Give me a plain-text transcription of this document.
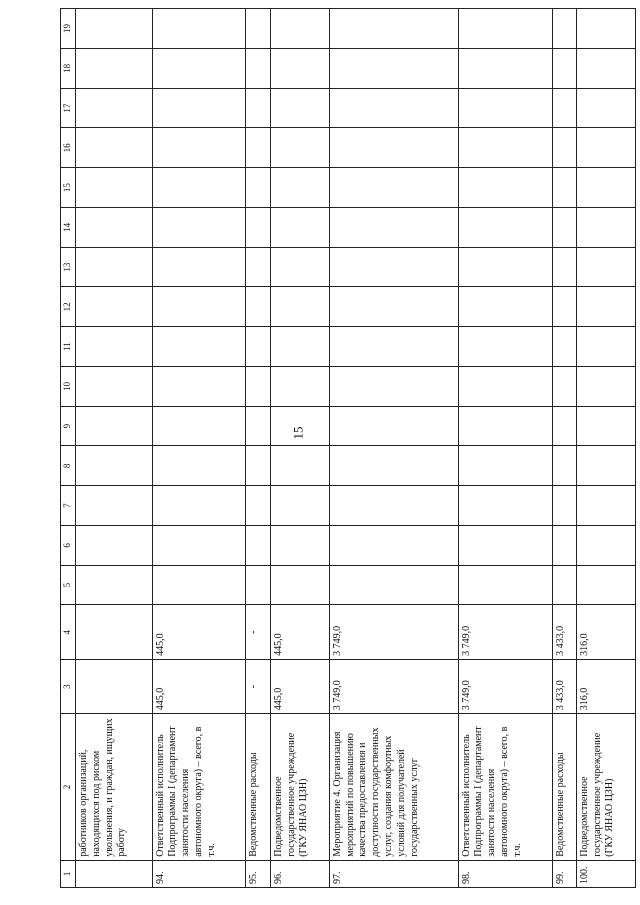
15
1	2	3	4	5	6	7	8	9	10	11	12	13	14	15	16	17	18	19
	работников организаций, находящихся под риском увольнения, и граждан, ищущих работу																	
94.	Ответственный исполнитель Подпрограммы I (департамент занятости населения автономного округа) – всего, в т.ч.	445,0	445,0															
95.	Ведомственные расходы	-	-															
96.	Подведомственное государственное учреждение (ГКУ ЯНАО ЦЗН)	445,0	445,0															
97.	Мероприятие 4. Организация мероприятий по повышению качества предоставления и доступности государственных услуг, создания комфортных условий для получателей государственных услуг	3 749,0	3 749,0															
98.	Ответственный исполнитель Подпрограммы I (департамент занятости населения автономного округа) – всего, в т.ч.	3 749,0	3 749,0															
99.	Ведомственные расходы	3 433,0	3 433,0															
100.	Подведомственное государственное учреждение (ГКУ ЯНАО ЦЗН)	316,0	316,0															
